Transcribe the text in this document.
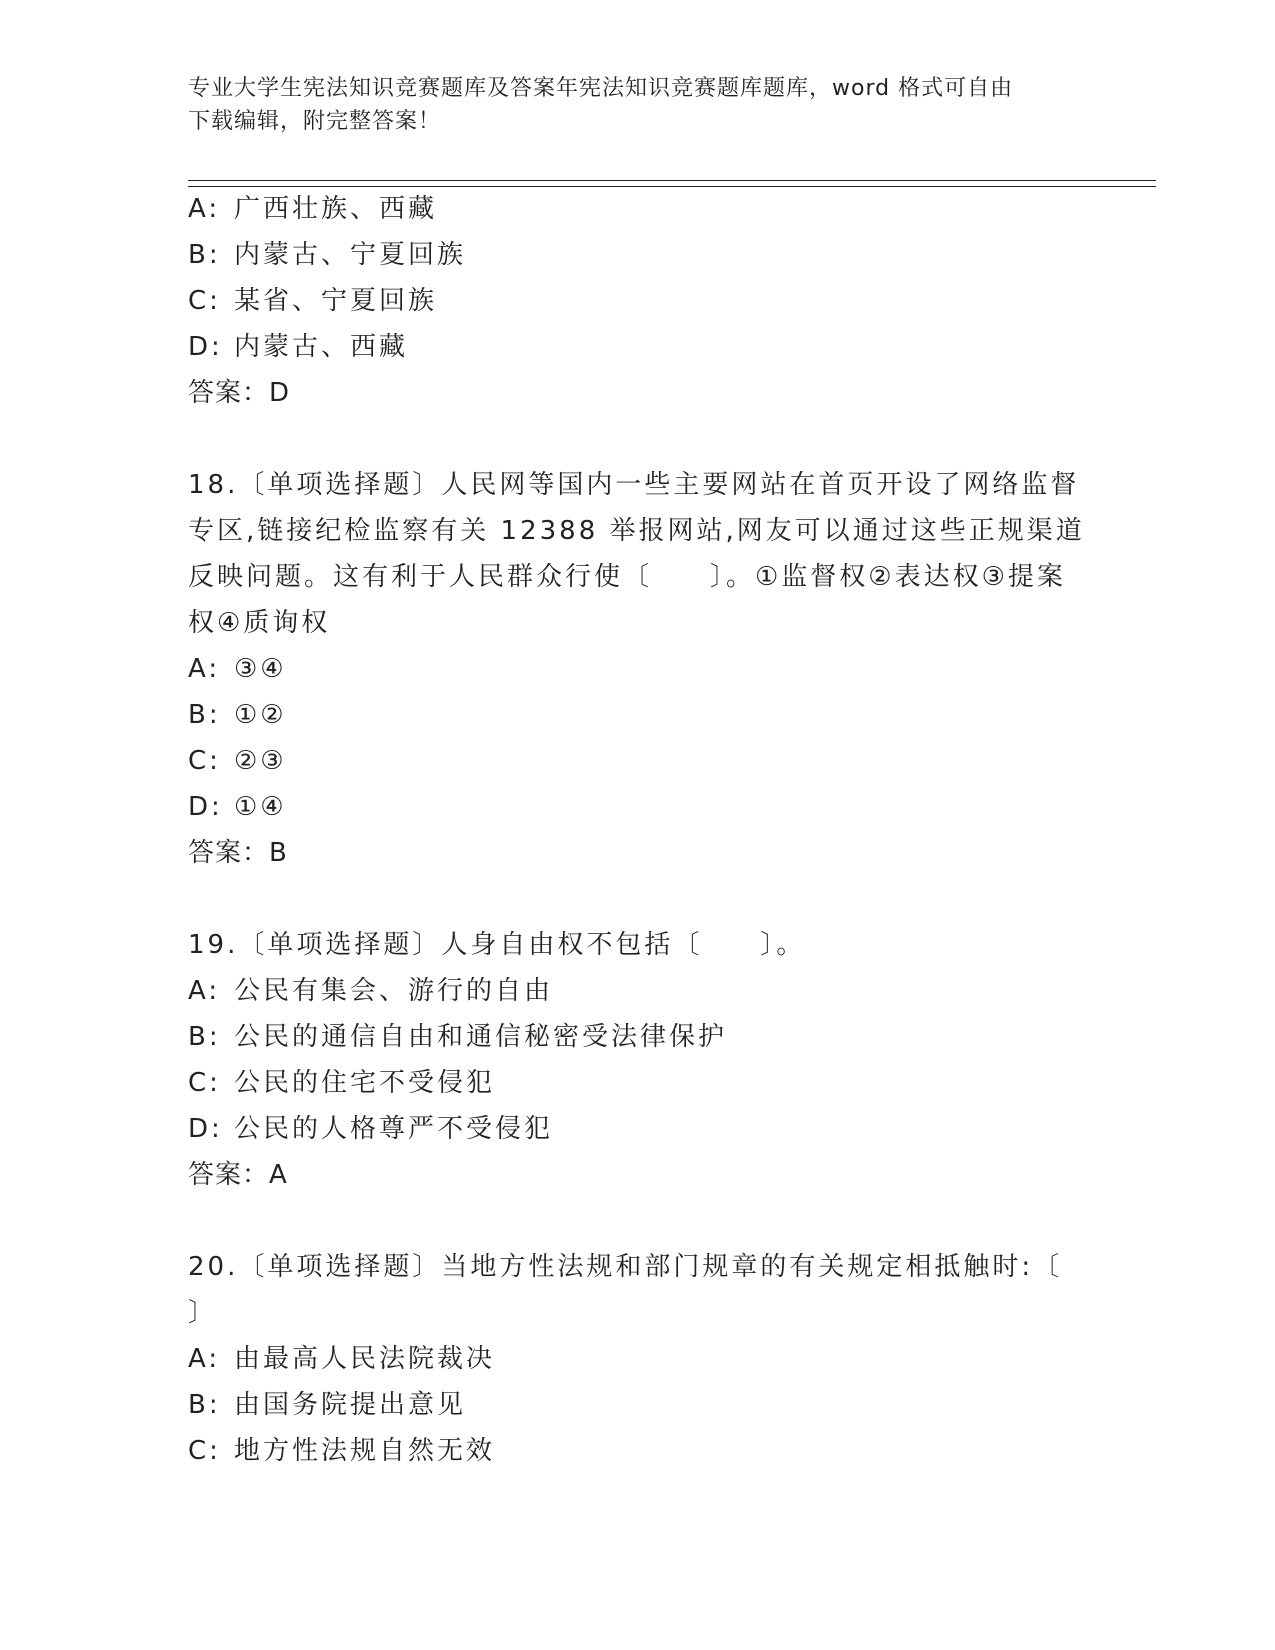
专业大学生宪法知识竞赛题库及答案年宪法知识竞赛题库题库，word 格式可自由
下载编辑，附完整答案！
A: 广西壮族、西藏
B: 内蒙古、宁夏回族
C: 某省、宁夏回族
D: 内蒙古、西藏
答案：D
18.〔单项选择题〕人民网等国内一些主要网站在首页开设了网络监督
专区,链接纪检监察有关 12388 举报网站,网友可以通过这些正规渠道
反映问题。这有利于人民群众行使〔　　〕。①监督权②表达权③提案
权④质询权
A: ③④
B: ①②
C: ②③
D: ①④
答案：B
19.〔单项选择题〕人身自由权不包括〔　　〕。
A: 公民有集会、游行的自由
B: 公民的通信自由和通信秘密受法律保护
C: 公民的住宅不受侵犯
D: 公民的人格尊严不受侵犯
答案：A
20.〔单项选择题〕当地方性法规和部门规章的有关规定相抵触时:〔
〕
A: 由最高人民法院裁决
B: 由国务院提出意见
C: 地方性法规自然无效
